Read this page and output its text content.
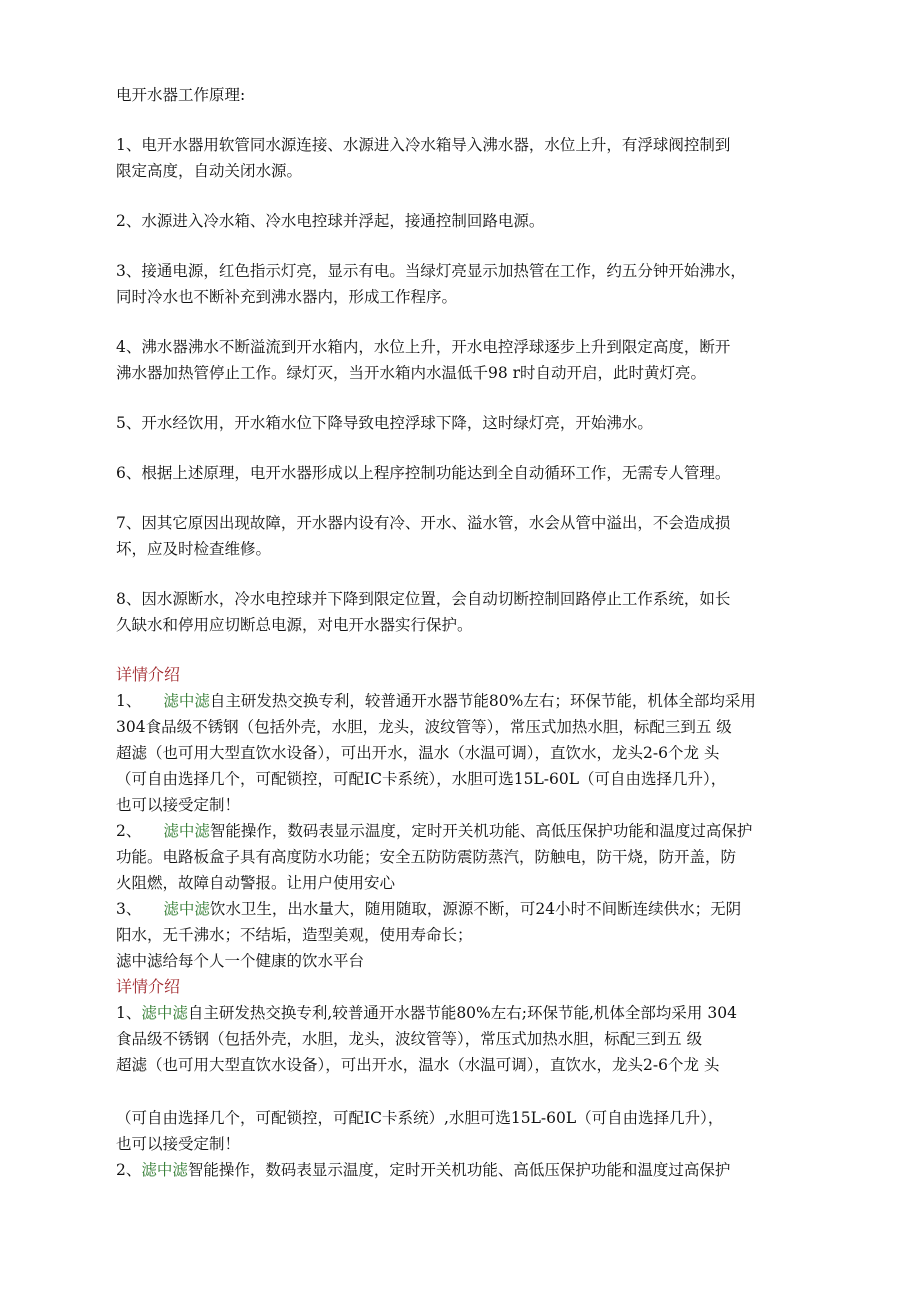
电开水器工作原理:
1、电开水器用软管同水源连接、水源进入冷水箱导入沸水器，水位上升，有浮球阀控制到
限定高度，自动关闭水源。
2、水源进入冷水箱、冷水电控球并浮起，接通控制回路电源。
3、接通电源，红色指示灯亮，显示有电。当绿灯亮显示加热管在工作，约五分钟开始沸水，
同时冷水也不断补充到沸水器内，形成工作程序。
4、沸水器沸水不断溢流到开水箱内，水位上升，开水电控浮球逐步上升到限定高度，断开
沸水器加热管停止工作。绿灯灭，当开水箱内水温低千98 r时自动开启，此时黄灯亮。
5、开水经饮用，开水箱水位下降导致电控浮球下降，这时绿灯亮，开始沸水。
6、根据上述原理，电开水器形成以上程序控制功能达到全自动循环工作，无需专人管理。
7、因其它原因出现故障，开水器内设有冷、开水、溢水管，水会从管中溢出，不会造成损
坏，应及时检查维修。
8、因水源断水，冷水电控球并下降到限定位置，会自动切断控制回路停止工作系统，如长
久缺水和停用应切断总电源，对电开水器实行保护。
详情介绍
1、 滤中滤自主研发热交换专利，较普通开水器节能80%左右；环保节能，机体全部均采用
304食品级不锈钢（包括外壳，水胆，龙头，波纹管等），常压式加热水胆，标配三到五 级
超滤（也可用大型直饮水设备），可出开水，温水（水温可调），直饮水，龙头2-6个龙 头
（可自由选择几个，可配锁控，可配IC卡系统），水胆可选15L-60L（可自由选择几升），
也可以接受定制！
2、 滤中滤智能操作，数码表显示温度，定时开关机功能、高低压保护功能和温度过高保护
功能。电路板盒子具有高度防水功能；安全五防防震防蒸汽，防触电，防干烧，防开盖，防
火阻燃，故障自动警报。让用户使用安心
3、 滤中滤饮水卫生，出水量大，随用随取，源源不断，可24小时不间断连续供水；无阴
阳水，无千沸水；不结垢，造型美观，使用寿命长；
滤中滤给每个人一个健康的饮水平台
详情介绍
1、滤中滤自主研发热交换专利,较普通开水器节能80%左右;环保节能,机体全部均采用 304
食品级不锈钢（包括外壳，水胆，龙头，波纹管等），常压式加热水胆，标配三到五 级
超滤（也可用大型直饮水设备），可出开水，温水（水温可调），直饮水，龙头2-6个龙 头
（可自由选择几个，可配锁控，可配IC卡系统）,水胆可选15L-60L（可自由选择几升），
也可以接受定制！
2、滤中滤智能操作，数码表显示温度，定时开关机功能、高低压保护功能和温度过高保护
